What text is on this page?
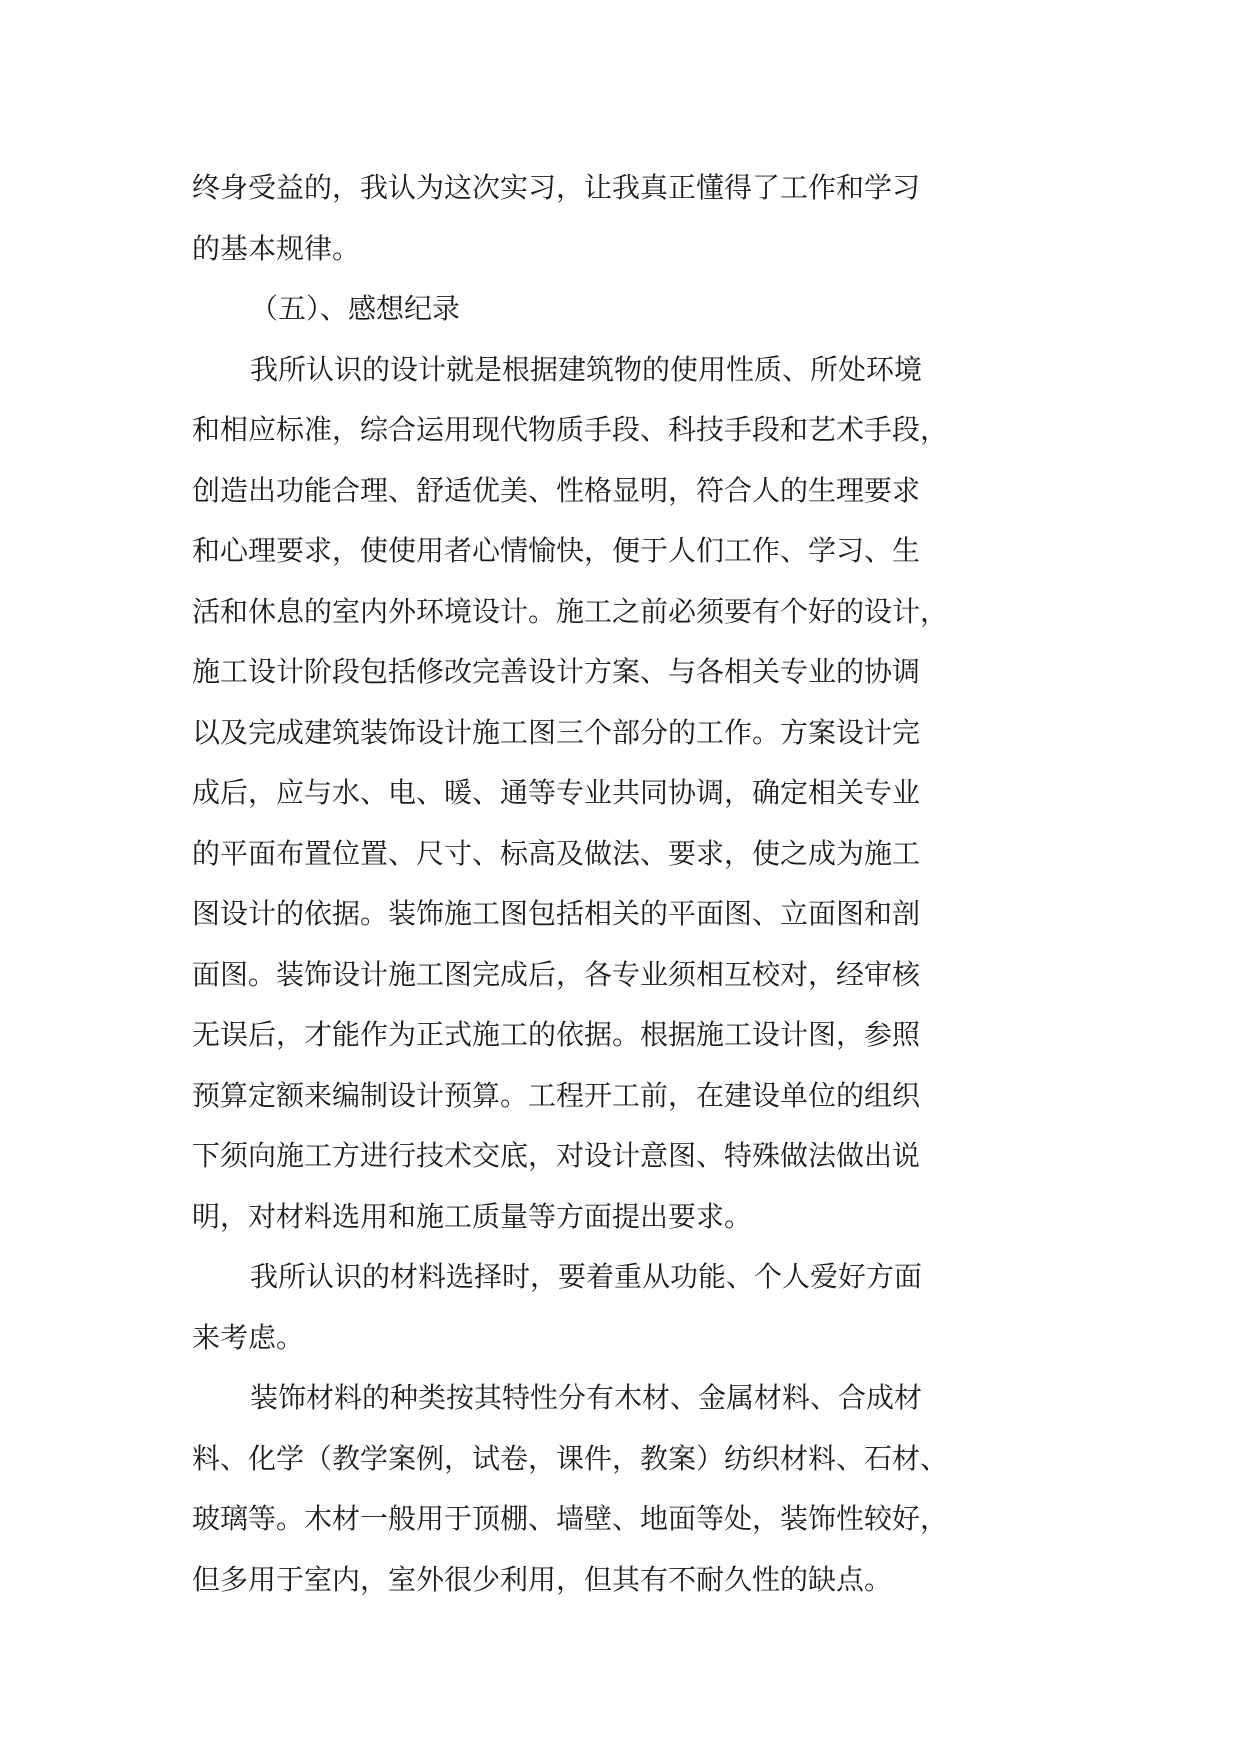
终身受益的，我认为这次实习，让我真正懂得了工作和学习
的基本规律。
（五）、感想纪录
我所认识的设计就是根据建筑物的使用性质、所处环境
和相应标准，综合运用现代物质手段、科技手段和艺术手段，
创造出功能合理、舒适优美、性格显明，符合人的生理要求
和心理要求，使使用者心情愉快，便于人们工作、学习、生
活和休息的室内外环境设计。施工之前必须要有个好的设计，
施工设计阶段包括修改完善设计方案、与各相关专业的协调
以及完成建筑装饰设计施工图三个部分的工作。方案设计完
成后，应与水、电、暖、通等专业共同协调，确定相关专业
的平面布置位置、尺寸、标高及做法、要求，使之成为施工
图设计的依据。装饰施工图包括相关的平面图、立面图和剖
面图。装饰设计施工图完成后，各专业须相互校对，经审核
无误后，才能作为正式施工的依据。根据施工设计图，参照
预算定额来编制设计预算。工程开工前，在建设单位的组织
下须向施工方进行技术交底，对设计意图、特殊做法做出说
明，对材料选用和施工质量等方面提出要求。
我所认识的材料选择时，要着重从功能、个人爱好方面
来考虑。
装饰材料的种类按其特性分有木材、金属材料、合成材
料、化学（教学案例，试卷，课件，教案）纺织材料、石材、
玻璃等。木材一般用于顶棚、墙壁、地面等处，装饰性较好，
但多用于室内，室外很少利用，但其有不耐久性的缺点。
